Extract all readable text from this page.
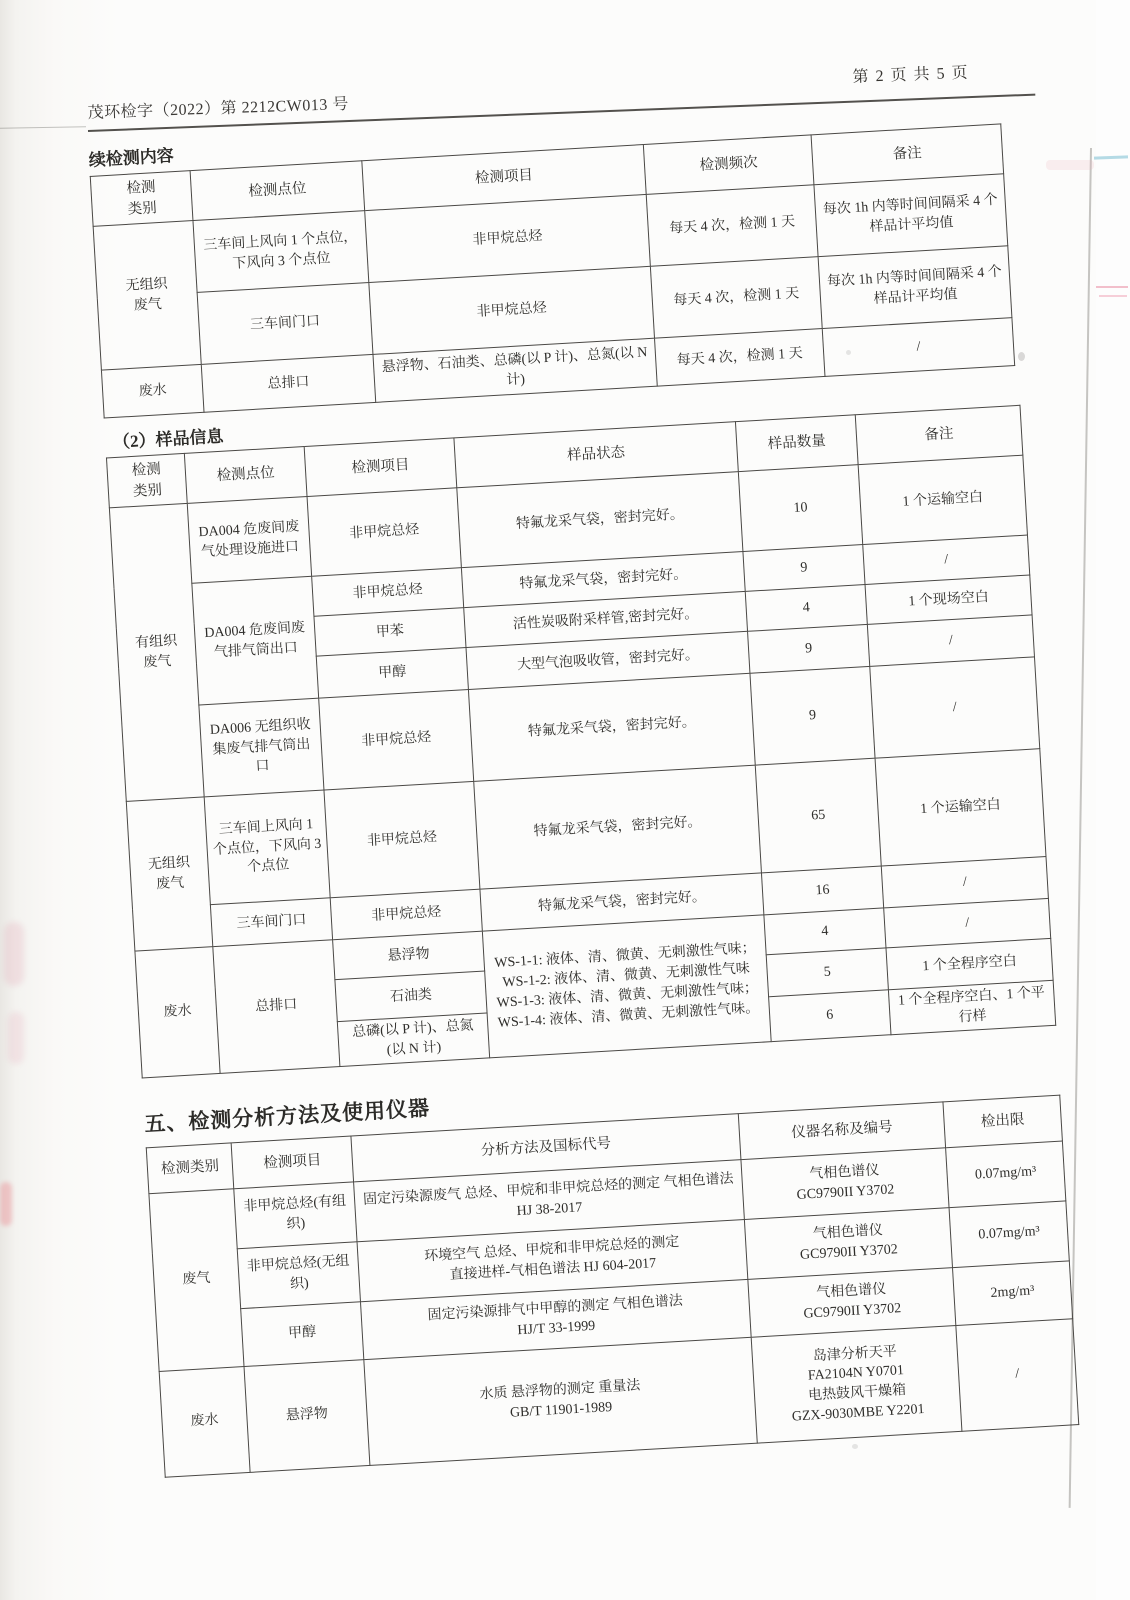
茂环检字（2022）第 2212CW013 号
第 2 页 共 5 页
续检测内容
检测
类别	检测点位	检测项目	检测频次	备注
无组织
废气	三车间上风向 1 个点位，下风向 3 个点位	非甲烷总烃	每天 4 次，检测 1 天	每次 1h 内等时间间隔采 4 个样品计平均值
	三车间门口	非甲烷总烃	每天 4 次，检测 1 天	每次 1h 内等时间间隔采 4 个样品计平均值
废水	总排口	悬浮物、石油类、总磷(以 P 计)、总氮(以 N 计)	每天 4 次，检测 1 天	/
（2）样品信息
检测
类别	检测点位	检测项目	样品状态	样品数量	备注
有组织
废气	DA004 危废间废气处理设施进口	非甲烷总烃	特氟龙采气袋，密封完好。	10	1 个运输空白
	DA004 危废间废气排气筒出口	非甲烷总烃	特氟龙采气袋，密封完好。	9	/
		甲苯	活性炭吸附采样管,密封完好。	4	1 个现场空白
		甲醇	大型气泡吸收管，密封完好。	9	/
	DA006 无组织收集废气排气筒出口	非甲烷总烃	特氟龙采气袋，密封完好。	9	/
无组织
废气	三车间上风向 1 个点位，下风向 3 个点位	非甲烷总烃	特氟龙采气袋，密封完好。	65	1 个运输空白
	三车间门口	非甲烷总烃	特氟龙采气袋，密封完好。	16	/
废水	总排口	悬浮物	WS-1-1: 液体、清、微黄、无刺激性气味；
WS-1-2: 液体、清、微黄、无刺激性气味
WS-1-3: 液体、清、微黄、无刺激性气味；
WS-1-4: 液体、清、微黄、无刺激性气味。	4	/
		石油类		5	1 个全程序空白
		总磷(以 P 计)、总氮(以 N 计)		6	1 个全程序空白、1 个平行样
五、检测分析方法及使用仪器
检测类别	检测项目	分析方法及国标代号	仪器名称及编号	检出限
废气	非甲烷总烃(有组织)	固定污染源废气 总烃、甲烷和非甲烷总烃的测定 气相色谱法 HJ 38-2017	气相色谱仪
GC9790II Y3702	0.07mg/m³
	非甲烷总烃(无组织)	环境空气 总烃、甲烷和非甲烷总烃的测定
直接进样-气相色谱法 HJ 604-2017	气相色谱仪
GC9790II Y3702	0.07mg/m³
	甲醇	固定污染源排气中甲醇的测定 气相色谱法
HJ/T 33-1999	气相色谱仪
GC9790II Y3702	2mg/m³
废水	悬浮物	水质 悬浮物的测定 重量法
GB/T 11901-1989	岛津分析天平
FA2104N Y0701
电热鼓风干燥箱
GZX-9030MBE Y2201	/
